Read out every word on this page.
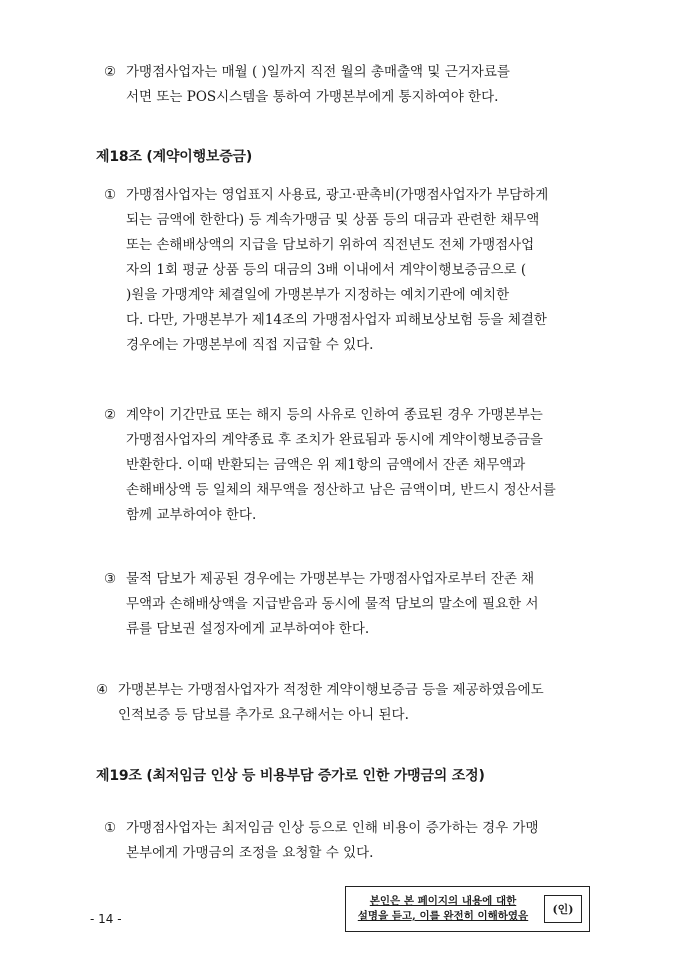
② 가맹점사업자는 매월 ( )일까지 직전 월의 총매출액 및 근거자료를
서면 또는 POS시스템을 통하여 가맹본부에게 통지하여야 한다.
제18조 (계약이행보증금)
① 가맹점사업자는 영업표지 사용료, 광고·판촉비(가맹점사업자가 부담하게
되는 금액에 한한다) 등 계속가맹금 및 상품 등의 대금과 관련한 채무액
또는 손해배상액의 지급을 담보하기 위하여 직전년도 전체 가맹점사업
자의 1회 평균 상품 등의 대금의 3배 이내에서 계약이행보증금으로 (
)원을 가맹계약 체결일에 가맹본부가 지정하는 예치기관에 예치한
다. 다만, 가맹본부가 제14조의 가맹점사업자 피해보상보험 등을 체결한
경우에는 가맹본부에 직접 지급할 수 있다.
② 계약이 기간만료 또는 해지 등의 사유로 인하여 종료된 경우 가맹본부는
가맹점사업자의 계약종료 후 조치가 완료됨과 동시에 계약이행보증금을
반환한다. 이때 반환되는 금액은 위 제1항의 금액에서 잔존 채무액과
손해배상액 등 일체의 채무액을 정산하고 남은 금액이며, 반드시 정산서를
함께 교부하여야 한다.
③ 물적 담보가 제공된 경우에는 가맹본부는 가맹점사업자로부터 잔존 채
무액과 손해배상액을 지급받음과 동시에 물적 담보의 말소에 필요한 서
류를 담보권 설정자에게 교부하여야 한다.
④ 가맹본부는 가맹점사업자가 적정한 계약이행보증금 등을 제공하였음에도
인적보증 등 담보를 추가로 요구해서는 아니 된다.
제19조 (최저임금 인상 등 비용부담 증가로 인한 가맹금의 조정)
① 가맹점사업자는 최저임금 인상 등으로 인해 비용이 증가하는 경우 가맹
본부에게 가맹금의 조정을 요청할 수 있다.
- 14 -
본인은 본 페이지의 내용에 대한
설명을 듣고, 이를 완전히 이해하였음	(인)
